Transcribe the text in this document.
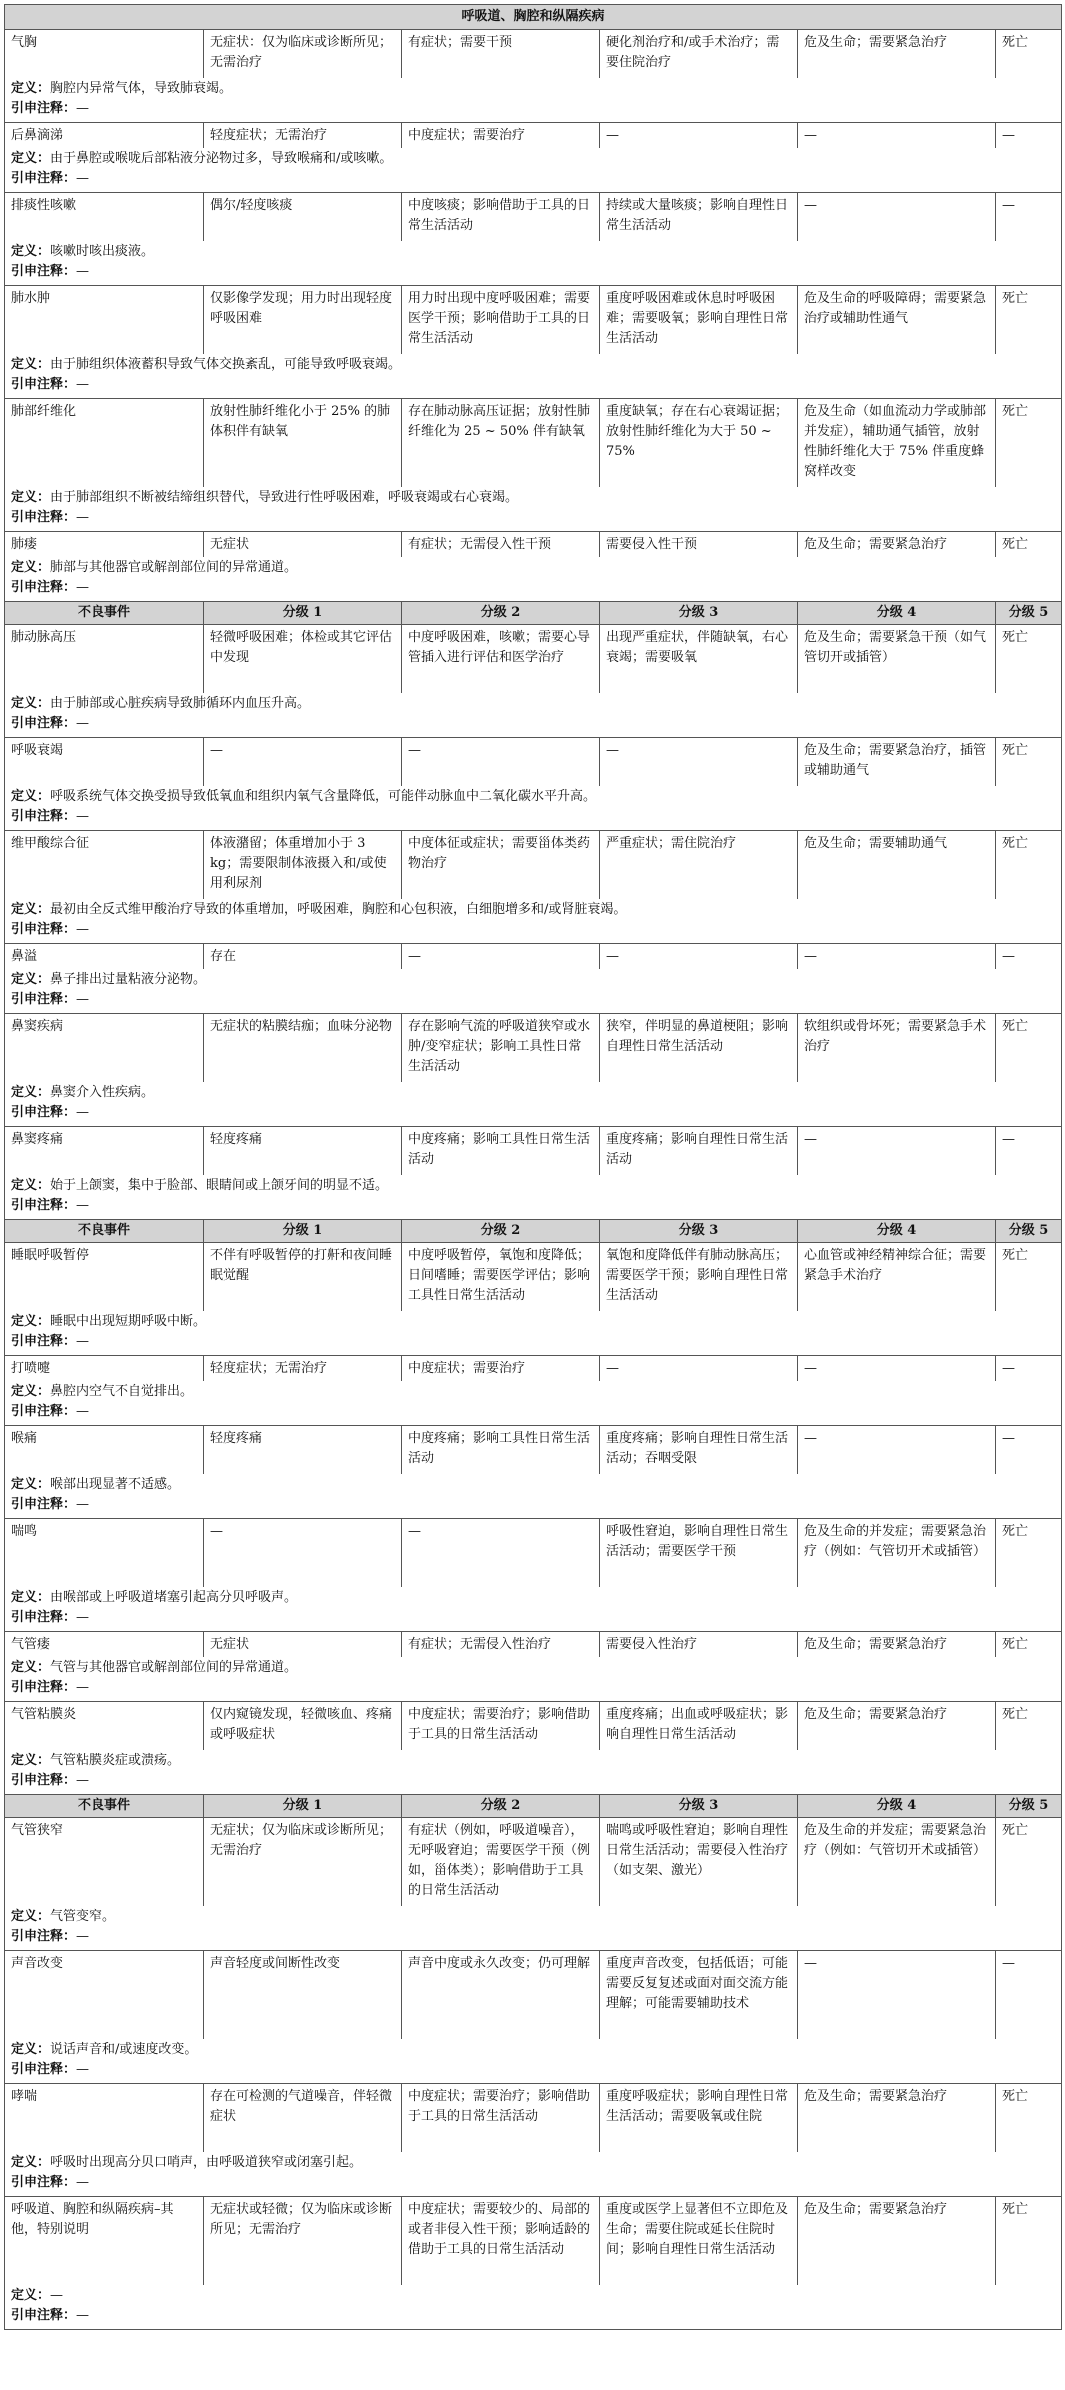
呼吸道、胸腔和纵隔疾病					
气胸	无症状：仅为临床或诊断所见；无需治疗	有症状；需要干预	硬化剂治疗和/或手术治疗；需要住院治疗	危及生命；需要紧急治疗	死亡

定义：胸腔内异常气体，导致肺衰竭。
引申注释：—					

后鼻滴涕	轻度症状；无需治疗	中度症状；需要治疗	—	—	—

定义：由于鼻腔或喉咙后部粘液分泌物过多，导致喉痛和/或咳嗽。
引申注释：—					

排痰性咳嗽	偶尔/轻度咳痰	中度咳痰；影响借助于工具的日常生活活动	持续或大量咳痰；影响自理性日常生活活动	—	—

定义：咳嗽时咳出痰液。
引申注释：—					

肺水肿	仅影像学发现；用力时出现轻度呼吸困难	用力时出现中度呼吸困难；需要医学干预；影响借助于工具的日常生活活动	重度呼吸困难或休息时呼吸困难；需要吸氧；影响自理性日常生活活动	危及生命的呼吸障碍；需要紧急治疗或辅助性通气	死亡

定义：由于肺组织体液蓄积导致气体交换紊乱，可能导致呼吸衰竭。
引申注释：—					

肺部纤维化	放射性肺纤维化小于 25% 的肺体积伴有缺氧	存在肺动脉高压证据；放射性肺纤维化为 25 ~ 50% 伴有缺氧	重度缺氧；存在右心衰竭证据；放射性肺纤维化为大于 50 ~ 75%	危及生命（如血流动力学或肺部并发症），辅助通气插管，放射性肺纤维化大于 75% 伴重度蜂窝样改变	死亡

定义：由于肺部组织不断被结缔组织替代，导致进行性呼吸困难，呼吸衰竭或右心衰竭。
引申注释：—					

肺瘘	无症状	有症状；无需侵入性干预	需要侵入性干预	危及生命；需要紧急治疗	死亡

定义：肺部与其他器官或解剖部位间的异常通道。
引申注释：—					

不良事件	分级 1	分级 2	分级 3	分级 4	分级 5
肺动脉高压	轻微呼吸困难；体检或其它评估中发现	中度呼吸困难，咳嗽；需要心导管插入进行评估和医学治疗	出现严重症状，伴随缺氧，右心衰竭；需要吸氧	危及生命；需要紧急干预（如气管切开或插管）	死亡

定义：由于肺部或心脏疾病导致肺循环内血压升高。
引申注释：—					

呼吸衰竭	—	—	—	危及生命；需要紧急治疗，插管或辅助通气	死亡

定义：呼吸系统气体交换受损导致低氧血和组织内氧气含量降低，可能伴动脉血中二氧化碳水平升高。
引申注释：—					

维甲酸综合征	体液潴留；体重增加小于 3 kg；需要限制体液摄入和/或使用利尿剂	中度体征或症状；需要甾体类药物治疗	严重症状；需住院治疗	危及生命；需要辅助通气	死亡

定义：最初由全反式维甲酸治疗导致的体重增加，呼吸困难，胸腔和心包积液，白细胞增多和/或肾脏衰竭。
引申注释：—					

鼻溢	存在	—	—	—	—

定义：鼻子排出过量粘液分泌物。
引申注释：—					

鼻窦疾病	无症状的粘膜结痂；血味分泌物	存在影响气流的呼吸道狭窄或水肿/变窄症状；影响工具性日常生活活动	狭窄，伴明显的鼻道梗阻；影响自理性日常生活活动	软组织或骨坏死；需要紧急手术治疗	死亡

定义：鼻窦介入性疾病。
引申注释：—					

鼻窦疼痛	轻度疼痛	中度疼痛；影响工具性日常生活活动	重度疼痛；影响自理性日常生活活动	—	—

定义：始于上颌窦，集中于脸部、眼睛间或上颌牙间的明显不适。
引申注释：—					

不良事件	分级 1	分级 2	分级 3	分级 4	分级 5
睡眠呼吸暂停	不伴有呼吸暂停的打鼾和夜间睡眠觉醒	中度呼吸暂停，氧饱和度降低；日间嗜睡；需要医学评估；影响工具性日常生活活动	氧饱和度降低伴有肺动脉高压；需要医学干预；影响自理性日常生活活动	心血管或神经精神综合征；需要紧急手术治疗	死亡

定义：睡眠中出现短期呼吸中断。
引申注释：—					

打喷嚏	轻度症状；无需治疗	中度症状；需要治疗	—	—	—

定义：鼻腔内空气不自觉排出。
引申注释：—					

喉痛	轻度疼痛	中度疼痛；影响工具性日常生活活动	重度疼痛；影响自理性日常生活活动；吞咽受限	—	—

定义：喉部出现显著不适感。
引申注释：—					

喘鸣	—	—	呼吸性窘迫，影响自理性日常生活活动；需要医学干预	危及生命的并发症；需要紧急治疗（例如：气管切开术或插管）	死亡

定义：由喉部或上呼吸道堵塞引起高分贝呼吸声。
引申注释：—					

气管瘘	无症状	有症状；无需侵入性治疗	需要侵入性治疗	危及生命；需要紧急治疗	死亡

定义：气管与其他器官或解剖部位间的异常通道。
引申注释：—					

气管粘膜炎	仅内窥镜发现，轻微咳血、疼痛或呼吸症状	中度症状；需要治疗；影响借助于工具的日常生活活动	重度疼痛；出血或呼吸症状；影响自理性日常生活活动	危及生命；需要紧急治疗	死亡

定义：气管粘膜炎症或溃疡。
引申注释：—					

不良事件	分级 1	分级 2	分级 3	分级 4	分级 5
气管狭窄	无症状；仅为临床或诊断所见；无需治疗	有症状（例如，呼吸道噪音），无呼吸窘迫；需要医学干预（例如，甾体类）；影响借助于工具的日常生活活动	喘鸣或呼吸性窘迫；影响自理性日常生活活动；需要侵入性治疗（如支架、激光）	危及生命的并发症；需要紧急治疗（例如：气管切开术或插管）	死亡

定义：气管变窄。
引申注释：—					

声音改变	声音轻度或间断性改变	声音中度或永久改变；仍可理解	重度声音改变，包括低语；可能需要反复复述或面对面交流方能理解；可能需要辅助技术	—	—

定义：说话声音和/或速度改变。
引申注释：—					

哮喘	存在可检测的气道噪音，伴轻微症状	中度症状；需要治疗；影响借助于工具的日常生活活动	重度呼吸症状；影响自理性日常生活活动；需要吸氧或住院	危及生命；需要紧急治疗	死亡

定义：呼吸时出现高分贝口哨声，由呼吸道狭窄或闭塞引起。
引申注释：—					

呼吸道、胸腔和纵隔疾病–其他，特别说明	无症状或轻微；仅为临床或诊断所见；无需治疗	中度症状；需要较少的、局部的或者非侵入性干预；影响适龄的借助于工具的日常生活活动	重度或医学上显著但不立即危及生命；需要住院或延长住院时间；影响自理性日常生活活动	危及生命；需要紧急治疗	死亡

定义：—
引申注释：—					
